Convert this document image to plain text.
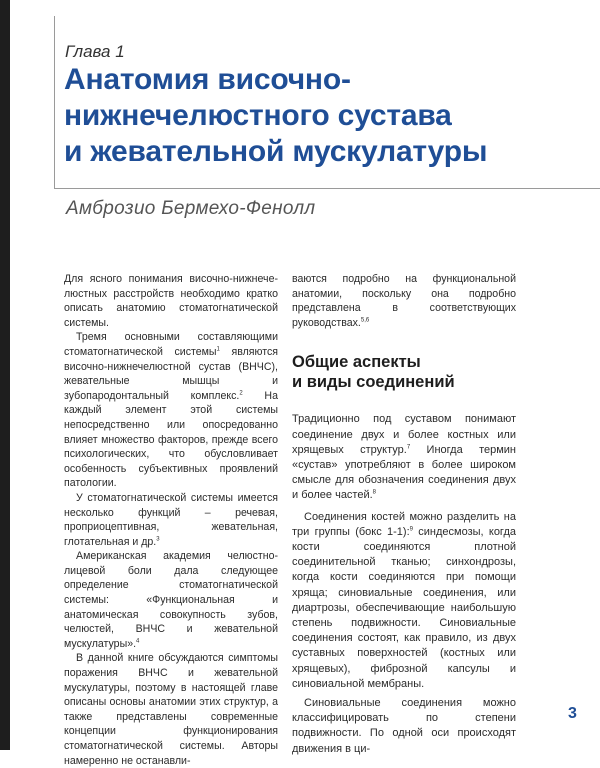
Глава 1

Анатомия височно-
нижнечелюстного сустава
и жевательной мускулатуры

Амброзио Бермехо-Фенолл

Для ясного понимания височно-нижнече-люстных расстройств необходимо кратко описать анатомию стоматогнатической системы.

Тремя основными составляющими стоматогнатической системы$^1$ являются височно-нижнечелюстной сустав (ВНЧС), жевательные мышцы и зубопародонтальный комплекс.$^2$ На каждый элемент этой системы непосредственно или опосредованно влияет множество факторов, прежде всего психологических, что обусловливает особенность субъективных проявлений патологии.

У стоматогнатической системы имеется несколько функций – речевая, проприоцептивная, жевательная, глотательная и др.$^3$

Американская академия челюстно-лицевой боли дала следующее определение стоматогнатической системы: «Функциональная и анатомическая совокупность зубов, челюстей, ВНЧС и жевательной мускулатуры».$^4$

В данной книге обсуждаются симптомы поражения ВНЧС и жевательной мускулатуры, поэтому в настоящей главе описаны основы анатомии этих структур, а также представлены современные концепции функционирования стоматогнатической системы. Авторы намеренно не останавли-

ваются подробно на функциональной анатомии, поскольку она подробно представлена в соответствующих руководствах.$^{5,6}$

Общие аспекты
и виды соединений

Традиционно под суставом понимают соединение двух и более костных или хрящевых структур.$^7$ Иногда термин «сустав» употребляют в более широком смысле для обозначения соединения двух и более частей.$^8$

Соединения костей можно разделить на три группы (бокс 1-1):$^9$ синдесмозы, когда кости соединяются плотной соединительной тканью; синхондрозы, когда кости соединяются при помощи хряща; синовиальные соединения, или диартрозы, обеспечивающие наибольшую степень подвижности. Синовиальные соединения состоят, как правило, из двух суставных поверхностей (костных или хрящевых), фиброзной капсулы и синовиальной мембраны.

Синовиальные соединения можно классифицировать по степени подвижности. По одной оси происходят движения в ци-

3
